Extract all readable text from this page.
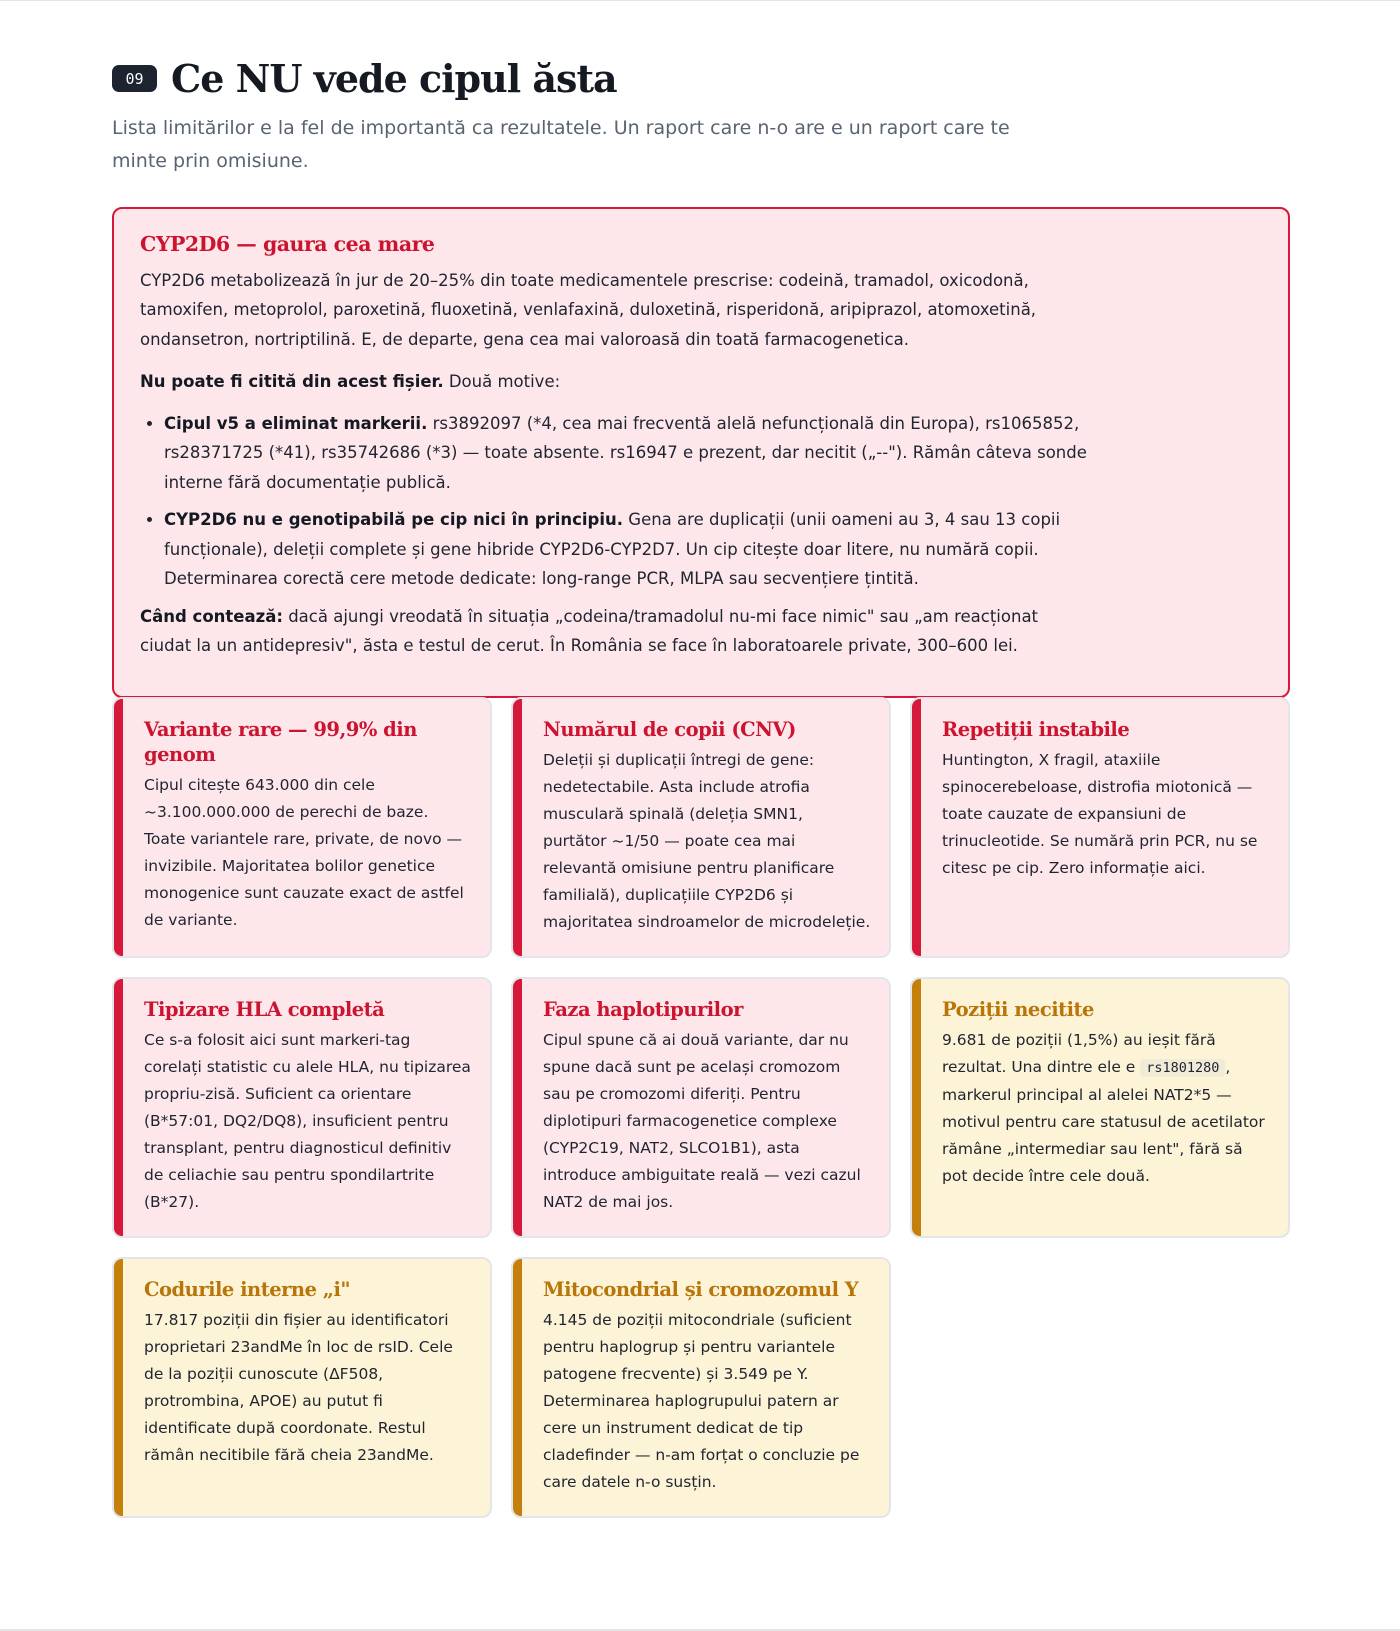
09 Ce NU vede cipul ăsta

Lista limitărilor e la fel de importantă ca rezultatele. Un raport care n-o are e un raport care te minte prin omisiune.

CYP2D6 — gaura cea mare

CYP2D6 metabolizează în jur de 20–25% din toate medicamentele prescrise: codeină, tramadol, oxicodonă, tamoxifen, metoprolol, paroxetină, fluoxetină, venlafaxină, duloxetină, risperidonă, aripiprazol, atomoxetină, ondansetron, nortriptilină. E, de departe, gena cea mai valoroasă din toată farmacogenetica.

Nu poate fi citită din acest fișier. Două motive:

• Cipul v5 a eliminat markerii. rs3892097 (*4, cea mai frecventă alelă nefuncțională din Europa), rs1065852, rs28371725 (*41), rs35742686 (*3) — toate absente. rs16947 e prezent, dar necitit („--"). Rămân câteva sonde interne fără documentație publică.
• CYP2D6 nu e genotipabilă pe cip nici în principiu. Gena are duplicații (unii oameni au 3, 4 sau 13 copii funcționale), deleții complete și gene hibride CYP2D6-CYP2D7. Un cip citește doar litere, nu numără copii. Determinarea corectă cere metode dedicate: long-range PCR, MLPA sau secvențiere țintită.

Când contează: dacă ajungi vreodată în situația „codeina/tramadolul nu-mi face nimic" sau „am reacționat ciudat la un antidepresiv", ăsta e testul de cerut. În România se face în laboratoarele private, 300–600 lei.

Variante rare — 99,9% din genom

Cipul citește 643.000 din cele ~3.100.000.000 de perechi de baze. Toate variantele rare, private, de novo — invizibile. Majoritatea bolilor genetice monogenice sunt cauzate exact de astfel de variante.

Numărul de copii (CNV)

Deleții și duplicații întregi de gene: nedetectabile. Asta include atrofia musculară spinală (deleția SMN1, purtător ~1/50 — poate cea mai relevantă omisiune pentru planificare familială), duplicațiile CYP2D6 și majoritatea sindroamelor de microdeleție.

Repetiții instabile

Huntington, X fragil, ataxiile spinocerebeloase, distrofia miotonică — toate cauzate de expansiuni de trinucleotide. Se numără prin PCR, nu se citesc pe cip. Zero informație aici.

Tipizare HLA completă

Ce s-a folosit aici sunt markeri-tag corelați statistic cu alele HLA, nu tipizarea propriu-zisă. Suficient ca orientare (B*57:01, DQ2/DQ8), insuficient pentru transplant, pentru diagnosticul definitiv de celiachie sau pentru spondilartrite (B*27).

Faza haplotipurilor

Cipul spune că ai două variante, dar nu spune dacă sunt pe același cromozom sau pe cromozomi diferiți. Pentru diplotipuri farmacogenetice complexe (CYP2C19, NAT2, SLCO1B1), asta introduce ambiguitate reală — vezi cazul NAT2 de mai jos.

Poziții necitite

9.681 de poziții (1,5%) au ieșit fără rezultat. Una dintre ele e rs1801280 , markerul principal al alelei NAT2*5 — motivul pentru care statusul de acetilator rămâne „intermediar sau lent", fără să pot decide între cele două.

Codurile interne „i"

17.817 poziții din fișier au identificatori proprietari 23andMe în loc de rsID. Cele de la poziții cunoscute (ΔF508, protrombina, APOE) au putut fi identificate după coordonate. Restul rămân necitibile fără cheia 23andMe.

Mitocondrial și cromozomul Y

4.145 de poziții mitocondriale (suficient pentru haplogrup și pentru variantele patogene frecvente) și 3.549 pe Y. Determinarea haplogrupului patern ar cere un instrument dedicat de tip cladefinder — n-am forțat o concluzie pe care datele n-o susțin.
